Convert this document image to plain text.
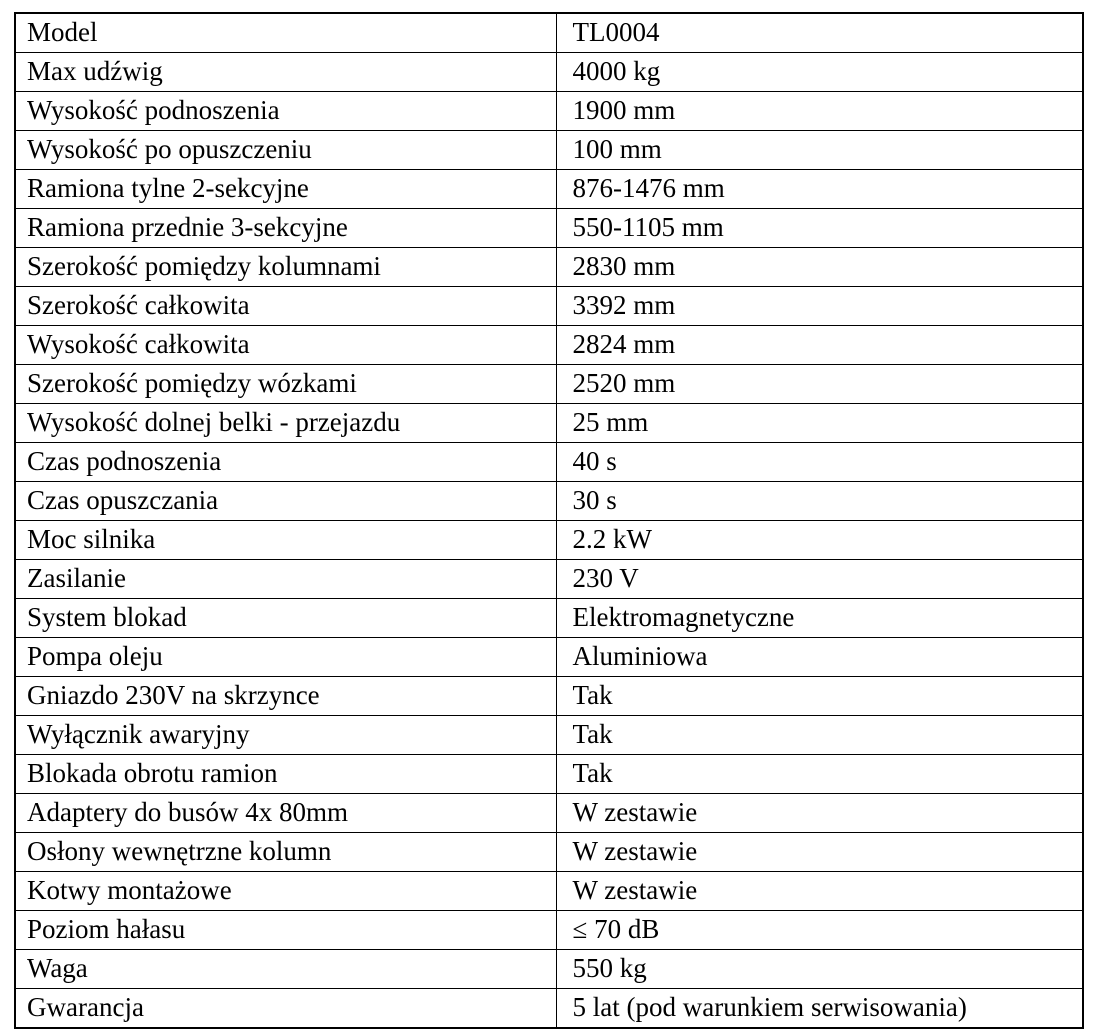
Model	TL0004
Max udźwig	4000 kg
Wysokość podnoszenia	1900 mm
Wysokość po opuszczeniu	100 mm
Ramiona tylne 2-sekcyjne	876-1476 mm
Ramiona przednie 3-sekcyjne	550-1105 mm
Szerokość pomiędzy kolumnami	2830 mm
Szerokość całkowita	3392 mm
Wysokość całkowita	2824 mm
Szerokość pomiędzy wózkami	2520 mm
Wysokość dolnej belki - przejazdu	25 mm
Czas podnoszenia	40 s
Czas opuszczania	30 s
Moc silnika	2.2 kW
Zasilanie	230 V
System blokad	Elektromagnetyczne
Pompa oleju	Aluminiowa
Gniazdo 230V na skrzynce	Tak
Wyłącznik awaryjny	Tak
Blokada obrotu ramion	Tak
Adaptery do busów 4x 80mm	W zestawie
Osłony wewnętrzne kolumn	W zestawie
Kotwy montażowe	W zestawie
Poziom hałasu	≤ 70 dB
Waga	550 kg
Gwarancja	5 lat (pod warunkiem serwisowania)
